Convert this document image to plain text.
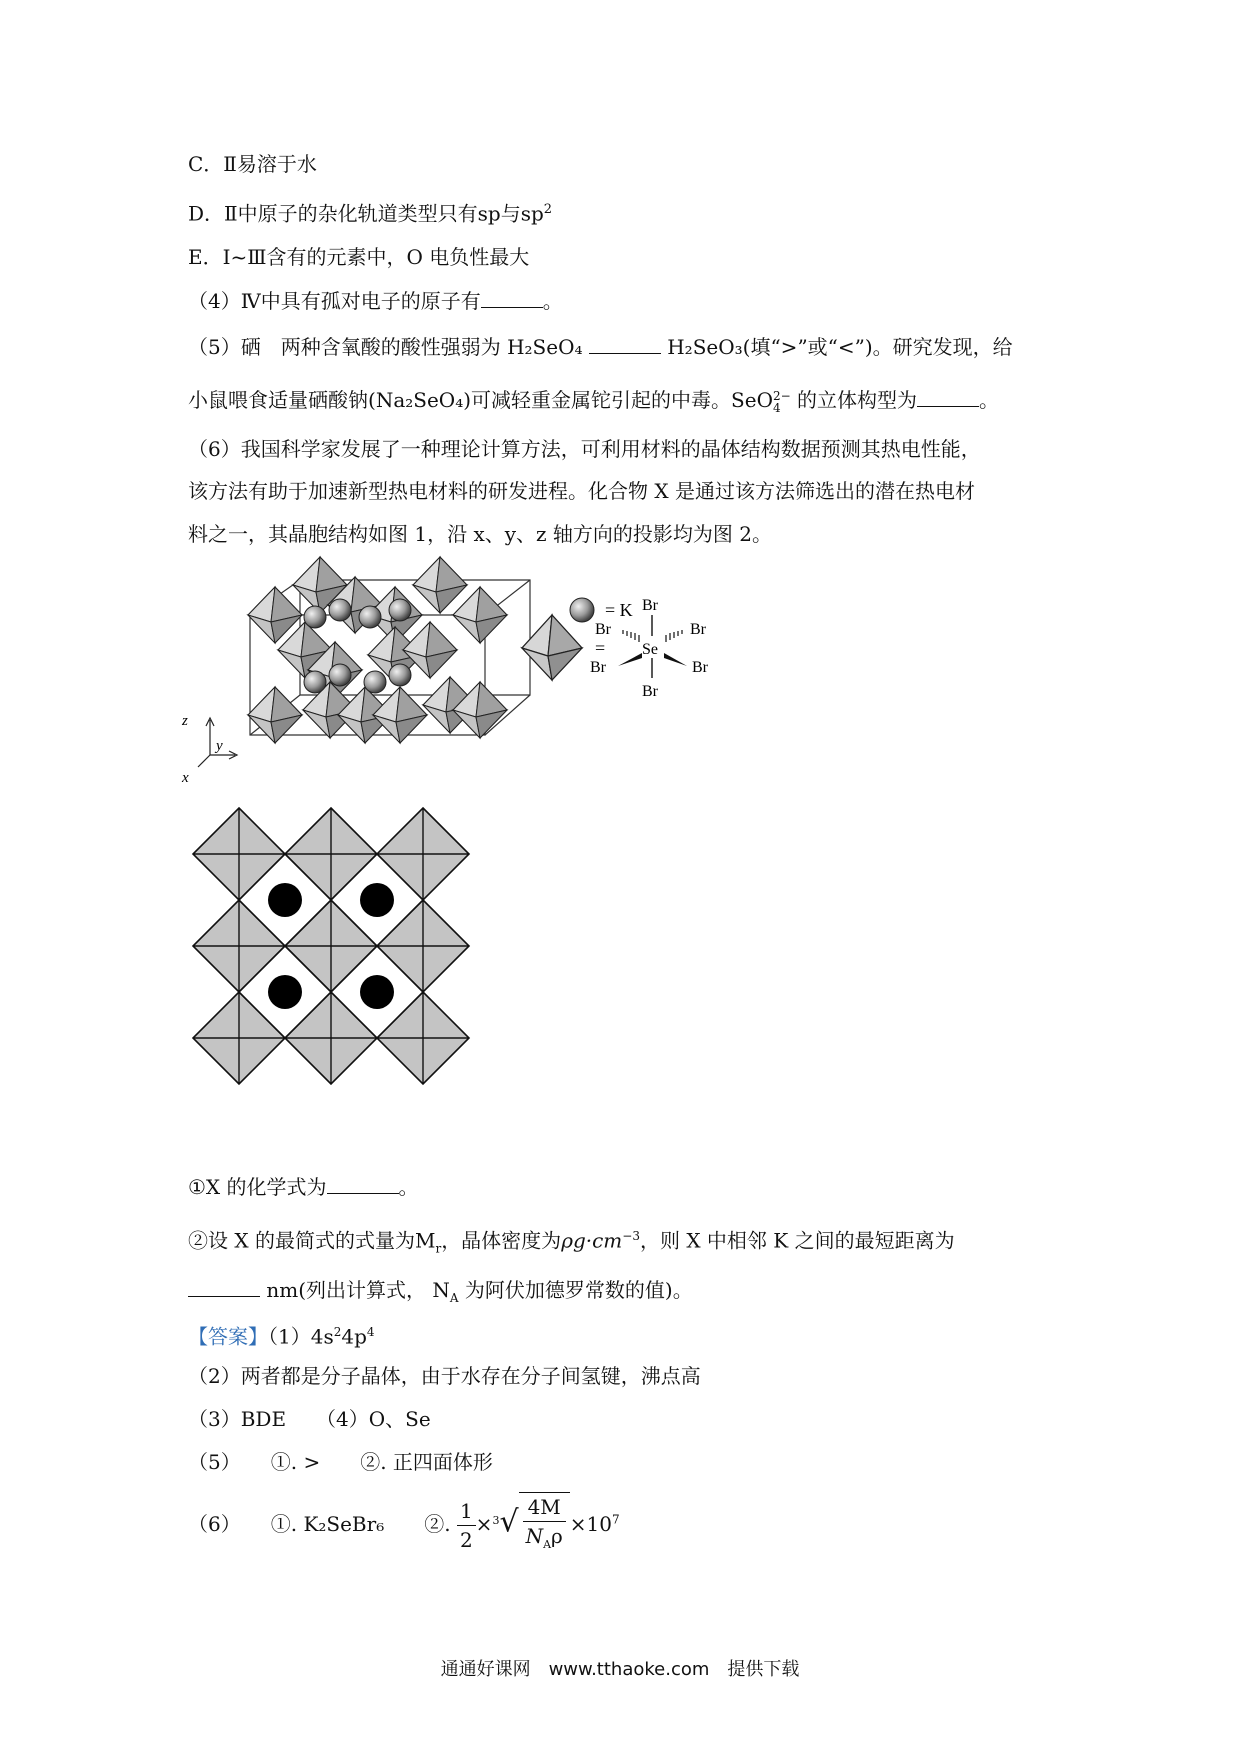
C．Ⅱ易溶于水
D．Ⅱ中原子的杂化轨道类型只有sp与$sp^2$
E．I~Ⅲ含有的元素中，O 电负性最大
（4）Ⅳ中具有孤对电子的原子有	。
（5）硒　两种含氧酸的酸性强弱为 H₂SeO₄	H₂SeO₃(填“>”或“<”)。研究发现，给
小鼠喂食适量硒酸钠(Na₂SeO₄)可减轻重金属铊引起的中毒。SeO 2−
4 的立体构型为	。
（6）我国科学家发展了一种理论计算方法，可利用材料的晶体结构数据预测其热电性能，
该方法有助于加速新型热电材料的研发进程。化合物 X 是通过该方法筛选出的潜在热电材
料之一，其晶胞结构如图 1，沿 x、y、z 轴方向的投影均为图 2。
z
y
x
= K
=
Br
Se
Br
Br	Br
Br	Br
①X 的化学式为	。
②设 X 的最简式的式量为$M_r$，晶体密度为$\rho g\cdot cm^{-3}$，则 X 中相邻 K 之间的最短距离为
nm(列出计算式， $N_A$ 为阿伏加德罗常数的值)。
【答案】$(1)4s^24p^4$
（2）两者都是分子晶体，由于水存在分子间氢键，沸点高
（3）BDE　　（4）O、Se
（5）　　①. >　　②. 正四面体形
（6）　　①. K₂SeBr₆　　②. $\frac{1}{2} \times^3√ \frac{4M}{N_A\rho} \times 10^7$
通通好课网　www.tthaoke.com　提供下载
